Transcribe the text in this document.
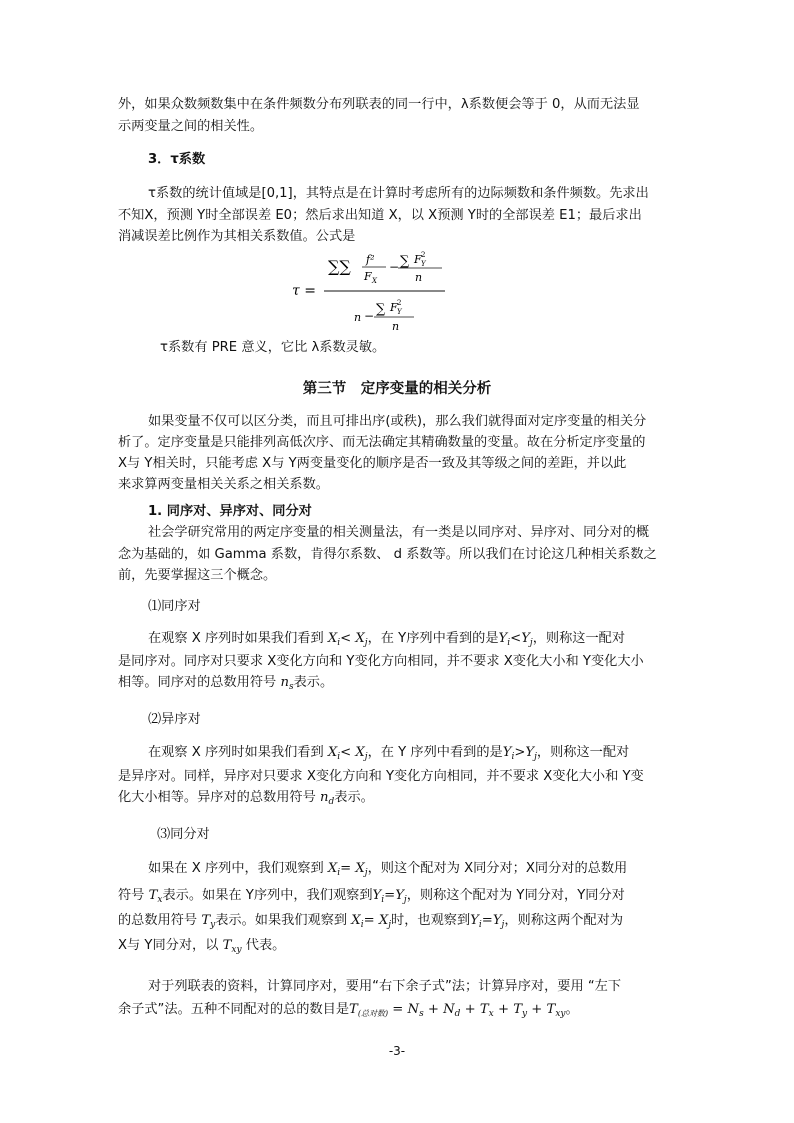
外，如果众数频数集中在条件频数分布列联表的同一行中，λ系数便会等于 0，从而无法显
示两变量之间的相关性。
3．τ系数
τ系数的统计值域是[0,1]，其特点是在计算时考虑所有的边际频数和条件频数。先求出
不知X，预测 Y时全部误差 E0；然后求出知道 X，以 X预测 Y时的全部误差 E1；最后求出
消减误差比例作为其相关系数值。公式是
τ =
∑∑ f²
F X
− ∑ F 2
Y
n
n − ∑ F 2
Y
n
τ系数有 PRE 意义，它比 λ系数灵敏。
第三节　定序变量的相关分析
如果变量不仅可以区分类，而且可排出序(或秩)，那么我们就得面对定序变量的相关分
析了。定序变量是只能排列高低次序、而无法确定其精确数量的变量。故在分析定序变量的
X与 Y相关时，只能考虑 X与 Y两变量变化的顺序是否一致及其等级之间的差距，并以此
来求算两变量相关关系之相关系数。
1. 同序对、异序对、同分对
社会学研究常用的两定序变量的相关测量法，有一类是以同序对、异序对、同分对的概
念为基础的，如 Gamma 系数，肯得尔系数、 d 系数等。所以我们在讨论这几种相关系数之
前，先要掌握这三个概念。
⑴同序对
在观察 X 序列时如果我们看到 $X_i< X_j$，在 Y序列中看到的是$Y_i<Y_j$，则称这一配对
是同序对。同序对只要求 X变化方向和 Y变化方向相同，并不要求 X变化大小和 Y变化大小
相等。同序对的总数用符号 $n_s$表示。
⑵异序对
在观察 X 序列时如果我们看到 $X_i< X_j$，在 Y 序列中看到的是$Y_i>Y_j$，则称这一配对
是异序对。同样，异序对只要求 X变化方向和 Y变化方向相同，并不要求 X变化大小和 Y变
化大小相等。异序对的总数用符号 $n_d$表示。
⑶同分对
如果在 X 序列中，我们观察到 $X_i= X_j$，则这个配对为 X同分对；X同分对的总数用
符号 $T_x$表示。如果在 Y序列中，我们观察到$Y_i=Y_j$，则称这个配对为 Y同分对，Y同分对
的总数用符号 $T_y$表示。如果我们观察到 $X_i= X_j$时，也观察到$Y_i=Y_j$，则称这两个配对为
X与 Y同分对，以 $T_{xy}$ 代表。
对于列联表的资料，计算同序对，要用“右下余子式”法；计算异序对，要用 “左下
余子式”法。五种不同配对的总的数目是$T_{(总对数)} = N_s + N_d + T_x + T_y + T_{xy}$。
-3-
